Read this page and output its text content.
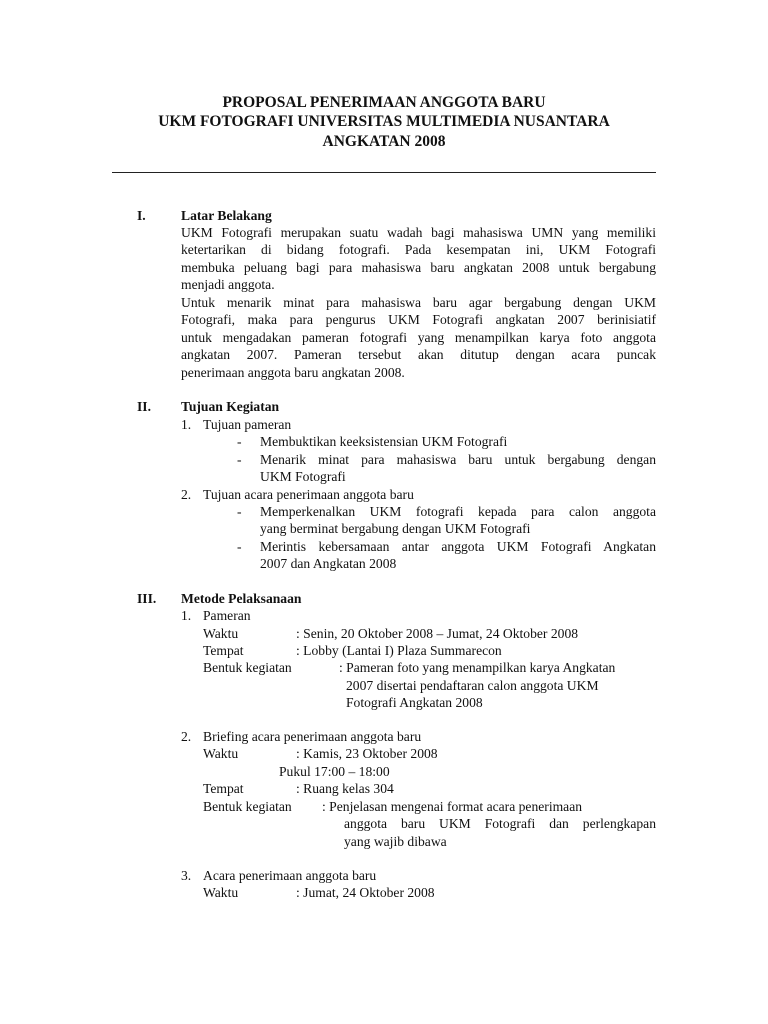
PROPOSAL PENERIMAAN ANGGOTA BARU
UKM FOTOGRAFI UNIVERSITAS MULTIMEDIA NUSANTARA
ANGKATAN 2008
I.	Latar Belakang
UKM Fotografi merupakan suatu wadah bagi mahasiswa UMN yang memiliki
ketertarikan di bidang fotografi. Pada kesempatan ini, UKM Fotografi
membuka peluang bagi para mahasiswa baru angkatan 2008 untuk bergabung
menjadi anggota.
Untuk menarik minat para mahasiswa baru agar bergabung dengan UKM
Fotografi, maka para pengurus UKM Fotografi angkatan 2007 berinisiatif
untuk mengadakan pameran fotografi yang menampilkan karya foto anggota
angkatan 2007. Pameran tersebut akan ditutup dengan acara puncak
penerimaan anggota baru angkatan 2008.
II. Tujuan Kegiatan
1. Tujuan pameran
- Membuktikan keeksistensian UKM Fotografi
- Menarik minat para mahasiswa baru untuk bergabung dengan
UKM Fotografi
2. Tujuan acara penerimaan anggota baru
- Memperkenalkan UKM fotografi kepada para calon anggota
yang berminat bergabung dengan UKM Fotografi
- Merintis kebersamaan antar anggota UKM Fotografi Angkatan
2007 dan Angkatan 2008
III. Metode Pelaksanaan
1. Pameran
Waktu	: Senin, 20 Oktober 2008 – Jumat, 24 Oktober 2008
Tempat	: Lobby (Lantai I) Plaza Summarecon
Bentuk kegiatan	: Pameran foto yang menampilkan karya Angkatan
2007 disertai pendaftaran calon anggota UKM
Fotografi Angkatan 2008
2. Briefing acara penerimaan anggota baru
Waktu	: Kamis, 23 Oktober 2008
Pukul 17:00 – 18:00
Tempat	: Ruang kelas 304
Bentuk kegiatan : Penjelasan mengenai format acara penerimaan
anggota baru UKM Fotografi dan perlengkapan
yang wajib dibawa
3. Acara penerimaan anggota baru
Waktu	: Jumat, 24 Oktober 2008
